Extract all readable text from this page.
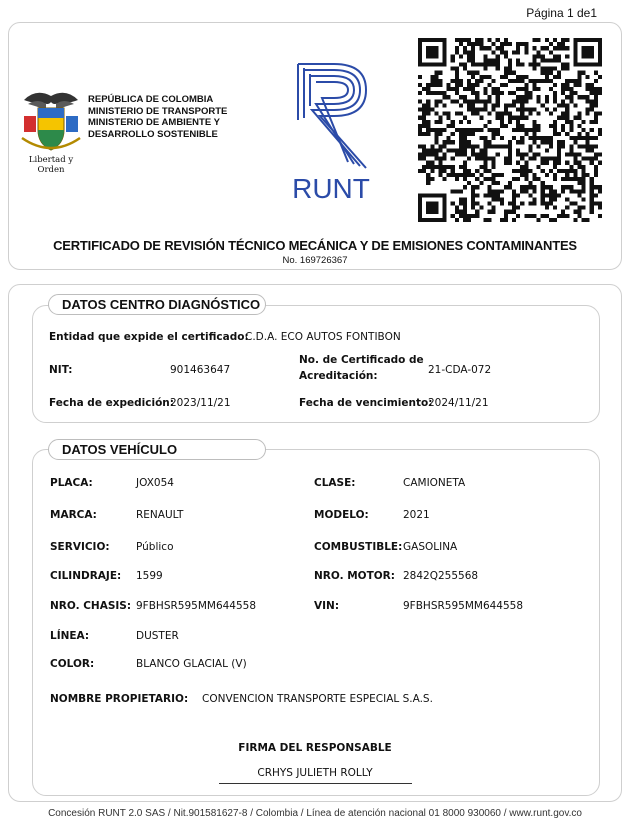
Página 1 de1
Libertad y Orden
REPÚBLICA DE COLOMBIA
MINISTERIO DE TRANSPORTE
MINISTERIO DE AMBIENTE Y
DESARROLLO SOSTENIBLE
RUNT
CERTIFICADO DE REVISIÓN TÉCNICO MECÁNICA Y DE EMISIONES CONTAMINANTES
No. 169726367
DATOS CENTRO DIAGNÓSTICO
Entidad que expide el certificado:
C.D.A. ECO AUTOS FONTIBON
NIT:	901463647
No. de Certificado de
Acreditación:	21-CDA-072
Fecha de expedición:
2023/11/21	Fecha de vencimiento:
2024/11/21
DATOS VEHÍCULO
PLACA:	JOX054	CLASE:	CAMIONETA
MARCA:	RENAULT	MODELO:	2021
SERVICIO:	Público	COMBUSTIBLE: GASOLINA
CILINDRAJE: 1599	NRO. MOTOR: 2842Q255568
NRO. CHASIS: 9FBHSR595MM644558	VIN:	9FBHSR595MM644558
LÍNEA:	DUSTER
COLOR:	BLANCO GLACIAL (V)
NOMBRE PROPIETARIO: CONVENCION TRANSPORTE ESPECIAL S.A.S.
FIRMA DEL RESPONSABLE
CRHYS JULIETH ROLLY
Concesión RUNT 2.0 SAS / Nit.901581627-8 / Colombia / Línea de atención nacional 01 8000 930060 / www.runt.gov.co
